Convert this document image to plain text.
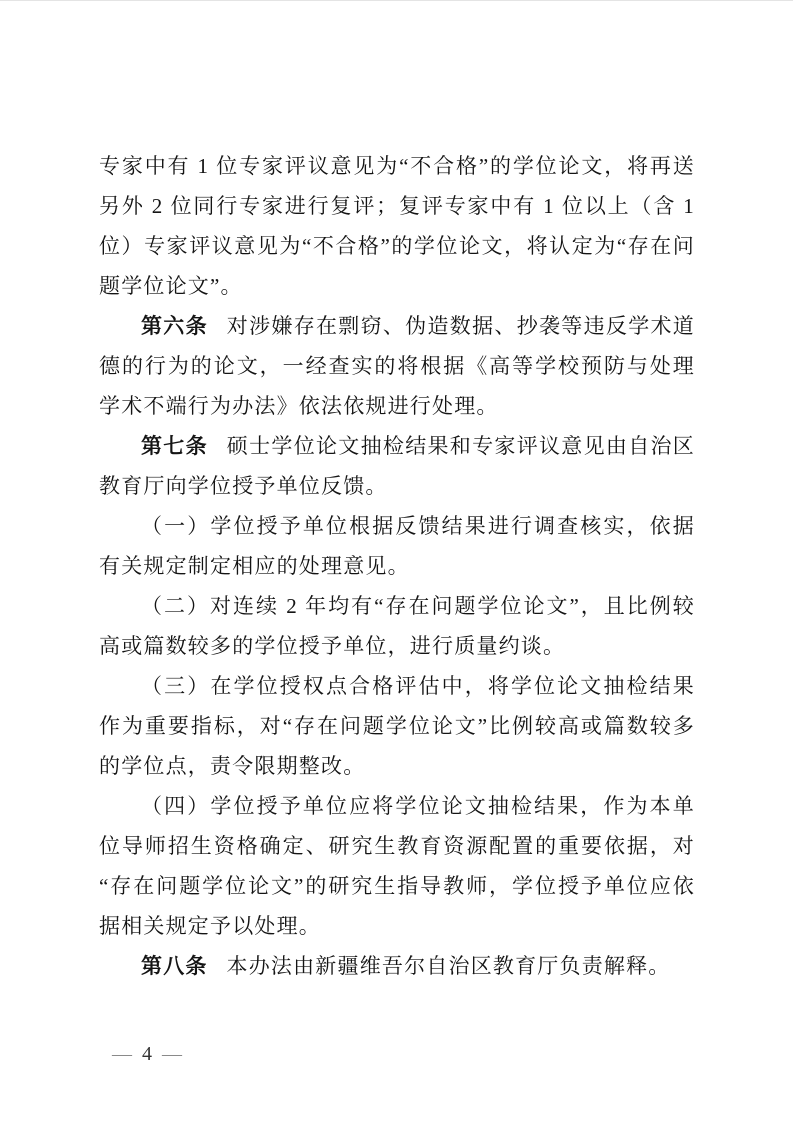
专家中有 1 位专家评议意见为“不合格”的学位论文，将再送另外 2 位同行专家进行复评；复评专家中有 1 位以上（含 1 位）专家评议意见为“不合格”的学位论文，将认定为“存在问题学位论文”。

第六条 对涉嫌存在剽窃、伪造数据、抄袭等违反学术道德的行为的论文，一经查实的将根据《高等学校预防与处理学术不端行为办法》依法依规进行处理。

第七条 硕士学位论文抽检结果和专家评议意见由自治区教育厅向学位授予单位反馈。

（一）学位授予单位根据反馈结果进行调查核实，依据有关规定制定相应的处理意见。

（二）对连续 2 年均有“存在问题学位论文”，且比例较高或篇数较多的学位授予单位，进行质量约谈。

（三）在学位授权点合格评估中，将学位论文抽检结果作为重要指标，对“存在问题学位论文”比例较高或篇数较多的学位点，责令限期整改。

（四）学位授予单位应将学位论文抽检结果，作为本单位导师招生资格确定、研究生教育资源配置的重要依据，对“存在问题学位论文”的研究生指导教师，学位授予单位应依据相关规定予以处理。

第八条 本办法由新疆维吾尔自治区教育厅负责解释。

— 4 —
